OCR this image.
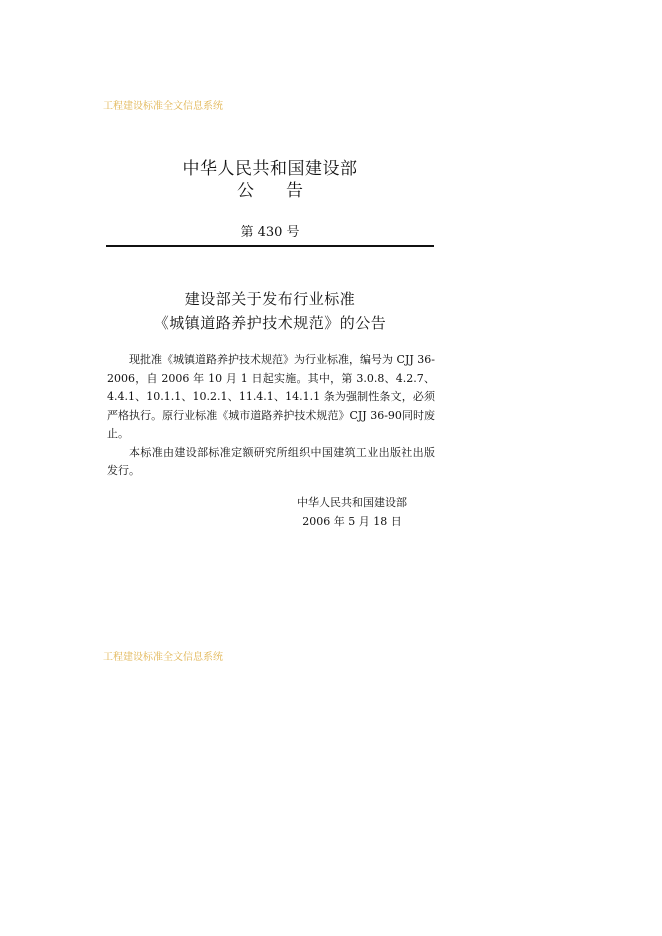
工程建设标准全文信息系统
中华人民共和国建设部
公 告
第 430 号
建设部关于发布行业标准
《城镇道路养护技术规范》的公告

现批准《城镇道路养护技术规范》为行业标准，编号为 CJJ 36-2006，自 2006 年 10 月 1 日起实施。其中，第 3.0.8、4.2.7、4.4.1、10.1.1、10.2.1、11.4.1、14.1.1 条为强制性条文，必须严格执行。原行业标准《城市道路养护技术规范》CJJ 36-90同时废止。

本标准由建设部标准定额研究所组织中国建筑工业出版社出版发行。

中华人民共和国建设部
2006 年 5 月 18 日
工程建设标准全文信息系统
